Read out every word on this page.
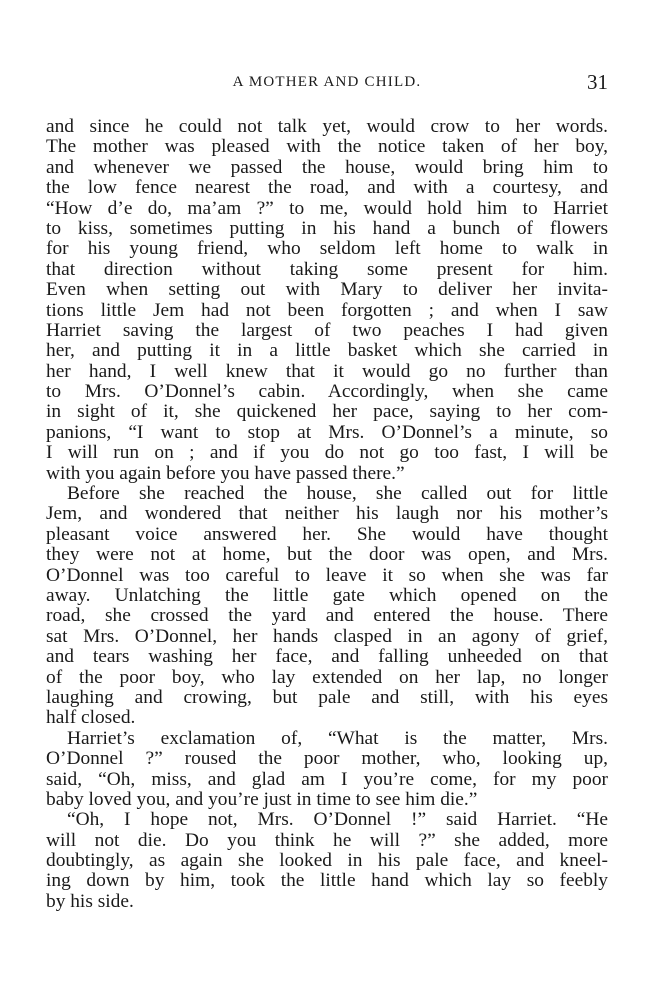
A MOTHER AND CHILD.	31
and since he could not talk yet, would crow to her words.
The mother was pleased with the notice taken of her boy,
and whenever we passed the house, would bring him to
the low fence nearest the road, and with a courtesy, and
“How d’e do, ma’am ?” to me, would hold him to Harriet
to kiss, sometimes putting in his hand a bunch of flowers
for his young friend, who seldom left home to walk in
that direction without taking some present for him.
Even when setting out with Mary to deliver her invita-
tions little Jem had not been forgotten ; and when I saw
Harriet saving the largest of two peaches I had given
her, and putting it in a little basket which she carried in
her hand, I well knew that it would go no further than
to Mrs. O’Donnel’s cabin. Accordingly, when she came
in sight of it, she quickened her pace, saying to her com-
panions, “I want to stop at Mrs. O’Donnel’s a minute, so
I will run on ; and if you do not go too fast, I will be
with you again before you have passed there.”
Before she reached the house, she called out for little
Jem, and wondered that neither his laugh nor his mother’s
pleasant voice answered her. She would have thought
they were not at home, but the door was open, and Mrs.
O’Donnel was too careful to leave it so when she was far
away. Unlatching the little gate which opened on the
road, she crossed the yard and entered the house. There
sat Mrs. O’Donnel, her hands clasped in an agony of grief,
and tears washing her face, and falling unheeded on that
of the poor boy, who lay extended on her lap, no longer
laughing and crowing, but pale and still, with his eyes
half closed.
Harriet’s exclamation of, “What is the matter, Mrs.
O’Donnel ?” roused the poor mother, who, looking up,
said, “Oh, miss, and glad am I you’re come, for my poor
baby loved you, and you’re just in time to see him die.”
“Oh, I hope not, Mrs. O’Donnel !” said Harriet. “He
will not die. Do you think he will ?” she added, more
doubtingly, as again she looked in his pale face, and kneel-
ing down by him, took the little hand which lay so feebly
by his side.
